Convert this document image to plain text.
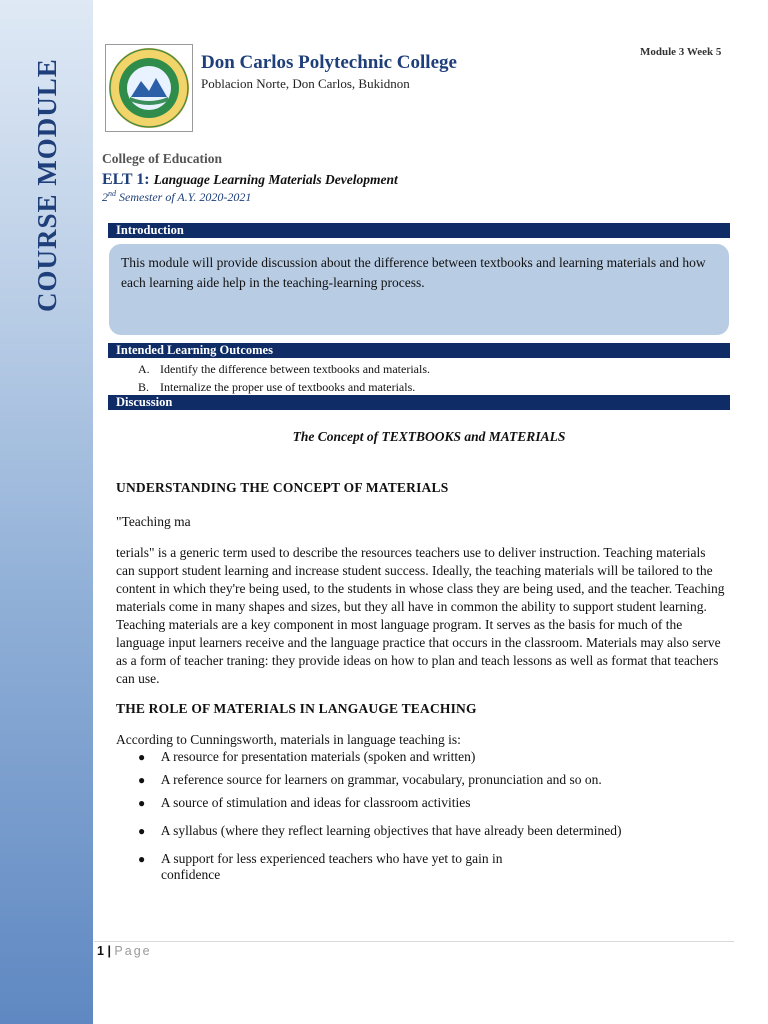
COURSE MODULE	Don Carlos Polytechnic College
Poblacion Norte, Don Carlos, Bukidnon
Module 3 Week 5
College of Education
ELT 1: Language Learning Materials Development
2nd Semester of A.Y. 2020-2021
Introduction
This module will provide discussion about the difference between textbooks and learning materials and how each learning aide help in the teaching-learning process.
Intended Learning Outcomes
A. Identify the difference between textbooks and materials.
B. Internalize the proper use of textbooks and materials.
Discussion
The Concept of TEXTBOOKS and MATERIALS
UNDERSTANDING THE CONCEPT OF MATERIALS
"Teaching ma
terials" is a generic term used to describe the resources teachers use to deliver instruction. Teaching materials can support student learning and increase student success. Ideally, the teaching materials will be tailored to the content in which they're being used, to the students in whose class they are being used, and the teacher. Teaching materials come in many shapes and sizes, but they all have in common the ability to support student learning. Teaching materials are a key component in most language program. It serves as the basis for much of the language input learners receive and the language practice that occurs in the classroom. Materials may also serve as a form of teacher traning: they provide ideas on how to plan and teach lessons as well as format that teachers can use.
THE ROLE OF MATERIALS IN LANGAUGE TEACHING
According to Cunningsworth, materials in language teaching is:
●	A resource for presentation materials (spoken and written)
●	A reference source for learners on grammar, vocabulary, pronunciation and so on.
●	A source of stimulation and ideas for classroom activities
●	A syllabus (where they reflect learning objectives that have already been determined)
●	A support for less experienced teachers who have yet to gain in confidence
1 | Page
